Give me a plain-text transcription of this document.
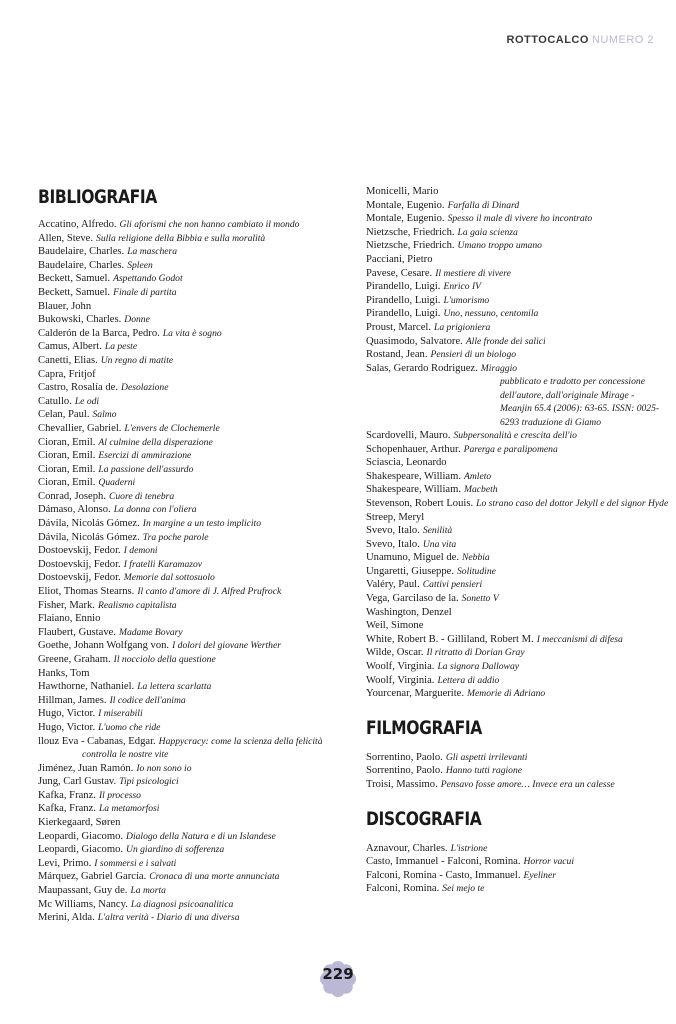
ROTTOCALCO NUMERO 2
BIBLIOGRAFIA
Accatino, Alfredo. Gli aforismi che non hanno cambiato il mondo
Allen, Steve. Sulla religione della Bibbia e sulla moralità
Baudelaire, Charles. La maschera
Baudelaire, Charles. Spleen
Beckett, Samuel. Aspettando Godot
Beckett, Samuel. Finale di partita
Blauer, John
Bukowski, Charles. Donne
Calderón de la Barca, Pedro. La vita è sogno
Camus, Albert. La peste
Canetti, Elias. Un regno di matite
Capra, Fritjof
Castro, Rosalía de. Desolazione
Catullo. Le odi
Celan, Paul. Salmo
Chevallier, Gabriel. L'envers de Clochemerle
Cioran, Emil. Al culmine della disperazione
Cioran, Emil. Esercizi di ammirazione
Cioran, Emil. La passione dell'assurdo
Cioran, Emil. Quaderni
Conrad, Joseph. Cuore di tenebra
Dámaso, Alonso. La donna con l'oliera
Dávila, Nicolás Gómez. In margine a un testo implicito
Dávila, Nicolás Gómez. Tra poche parole
Dostoevskij, Fedor. I demoni
Dostoevskij, Fedor. I fratelli Karamazov
Dostoevskij, Fedor. Memorie dal sottosuolo
Eliot, Thomas Stearns. Il canto d'amore di J. Alfred Prufrock
Fisher, Mark. Realismo capitalista
Flaiano, Ennio
Flaubert, Gustave. Madame Bovary
Goethe, Johann Wolfgang von. I dolori del giovane Werther
Greene, Graham. Il nocciolo della questione
Hanks, Tom
Hawthorne, Nathaniel. La lettera scarlatta
Hillman, James. Il codice dell'anima
Hugo, Victor. I miserabili
Hugo, Victor. L'uomo che ride
llouz Eva - Cabanas, Edgar. Happycracy: come la scienza della felicità
controlla le nostre vite
Jiménez, Juan Ramón. Io non sono io
Jung, Carl Gustav. Tipi psicologici
Kafka, Franz. Il processo
Kafka, Franz. La metamorfosi
Kierkegaard, Søren
Leopardi, Giacomo. Dialogo della Natura e di un Islandese
Leopardi, Giacomo. Un giardino di sofferenza
Levi, Primo. I sommersi e i salvati
Márquez, Gabriel García. Cronaca di una morte annunciata
Maupassant, Guy de. La morta
Mc Williams, Nancy. La diagnosi psicoanalitica
Merini, Alda. L'altra verità - Diario di una diversa
Monicelli, Mario
Montale, Eugenio. Farfalla di Dinard
Montale, Eugenio. Spesso il male di vivere ho incontrato
Nietzsche, Friedrich. La gaia scienza
Nietzsche, Friedrich. Umano troppo umano
Pacciani, Pietro
Pavese, Cesare. Il mestiere di vivere
Pirandello, Luigi. Enrico IV
Pirandello, Luigi. L'umorismo
Pirandello, Luigi. Uno, nessuno, centomila
Proust, Marcel. La prigioniera
Quasimodo, Salvatore. Alle fronde dei salici
Rostand, Jean. Pensieri di un biologo
Salas, Gerardo Rodriguez. Miraggio
pubblicato e tradotto per concessione dell'autore, dall'originale Mirage - Meanjin 65.4 (2006): 63-65. ISSN: 0025-6293 traduzione di Giamo
Scardovelli, Mauro. Subpersonalità e crescita dell'io
Schopenhauer, Arthur. Parerga e paralipomena
Sciascia, Leonardo
Shakespeare, William. Amleto
Shakespeare, William. Macbeth
Stevenson, Robert Louis. Lo strano caso del dottor Jekyll e del signor Hyde
Streep, Meryl
Svevo, Italo. Senilità
Svevo, Italo. Una vita
Unamuno, Miguel de. Nebbia
Ungaretti, Giuseppe. Solitudine
Valéry, Paul. Cattivi pensieri
Vega, Garcilaso de la. Sonetto V
Washington, Denzel
Weil, Simone
White, Robert B. - Gilliland, Robert M. I meccanismi di difesa
Wilde, Oscar. Il ritratto di Dorian Gray
Woolf, Virginia. La signora Dalloway
Woolf, Virginia. Lettera di addio
Yourcenar, Marguerite. Memorie di Adriano
FILMOGRAFIA
Sorrentino, Paolo. Gli aspetti irrilevanti
Sorrentino, Paolo. Hanno tutti ragione
Troisi, Massimo. Pensavo fosse amore… Invece era un calesse
DISCOGRAFIA
Aznavour, Charles. L'istrione
Casto, Immanuel - Falconi, Romina. Horror vacui
Falconi, Romina - Casto, Immanuel. Eyeliner
Falconi, Romina. Sei mejo te
229
